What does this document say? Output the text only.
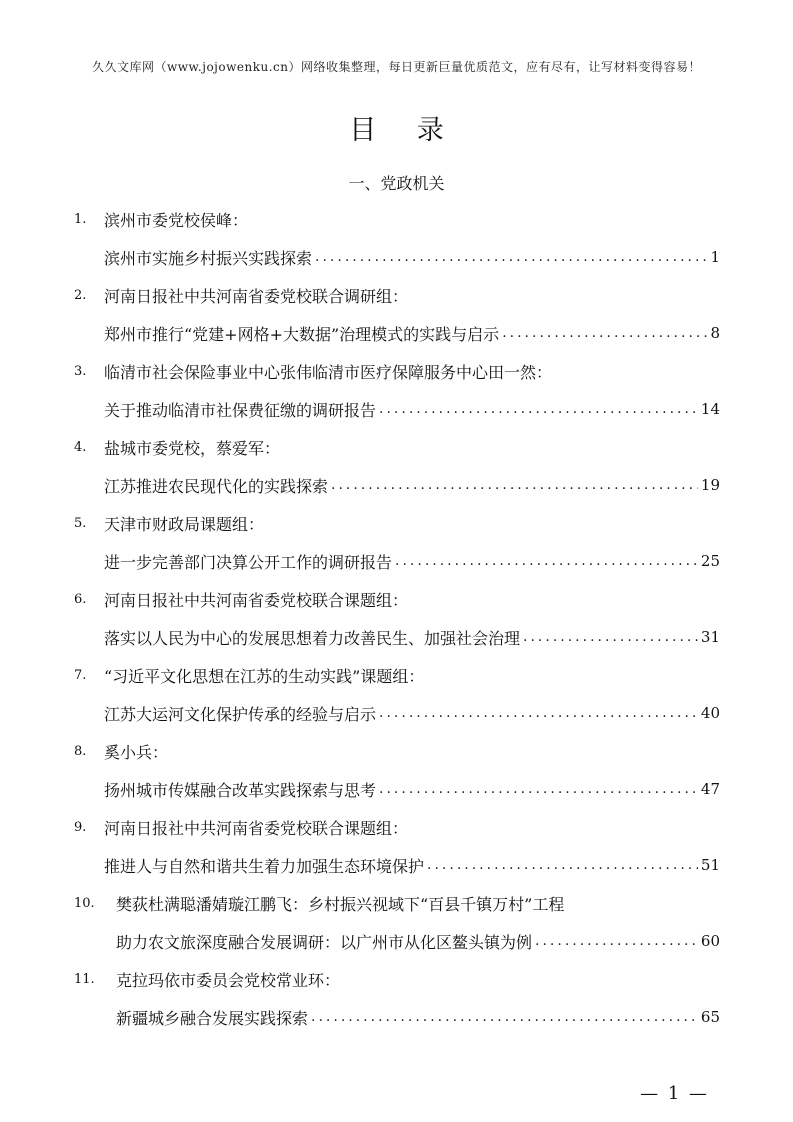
久久文库网（www.jojowenku.cn）网络收集整理，每日更新巨量优质范文，应有尽有，让写材料变得容易！
目 录
一、党政机关
1.	滨州市委党校侯峰：
滨州市实施乡村振兴实践探索 .....	1
2.	河南日报社中共河南省委党校联合调研组：
郑州市推行“党建+网格+大数据”治理模式的实践与启示 .....	8
3.	临清市社会保险事业中心张伟临清市医疗保障服务中心田一然：
关于推动临清市社保费征缴的调研报告 .....	14
4.	盐城市委党校，蔡爱军：
江苏推进农民现代化的实践探索 .....	19
5.	天津市财政局课题组：
进一步完善部门决算公开工作的调研报告 .....	25
6.	河南日报社中共河南省委党校联合课题组：
落实以人民为中心的发展思想着力改善民生、加强社会治理 .....	31
7.	“习近平文化思想在江苏的生动实践”课题组：
江苏大运河文化保护传承的经验与启示 .....	40
8.	奚小兵：
扬州城市传媒融合改革实践探索与思考 .....	47
9.	河南日报社中共河南省委党校联合课题组：
推进人与自然和谐共生着力加强生态环境保护 .....	51
10.	樊荻杜满聪潘婧璇江鹏飞：乡村振兴视域下“百县千镇万村”工程
助力农文旅深度融合发展调研：以广州市从化区鳌头镇为例 .....	60
11.	克拉玛依市委员会党校常业环：
新疆城乡融合发展实践探索 .....	65
— 1 —
